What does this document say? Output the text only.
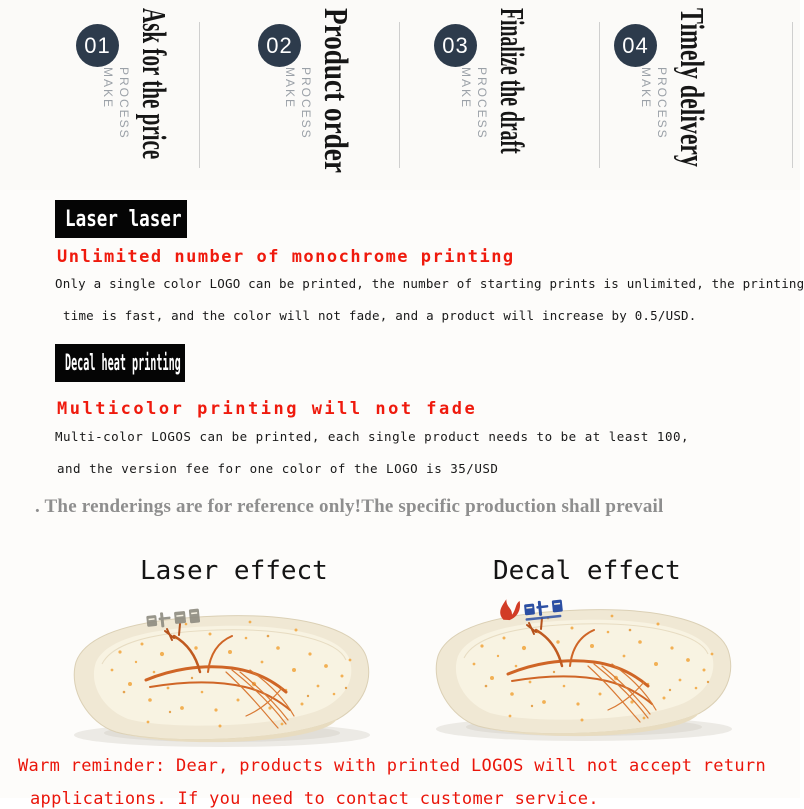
01
MAKE PROCESS Ask for the price	02
MAKE PROCESS Product order	03
MAKE PROCESS Finalize the draft	04
MAKE PROCESS Timely delivery
Laser laser
Unlimited number of monochrome printing
Only a single color LOGO can be printed, the number of starting prints is unlimited, the printing
time is fast, and the color will not fade, and a product will increase by 0.5/USD.
Decal heat printing
Multicolor printing will not fade
Multi-color LOGOS can be printed, each single product needs to be at least 100,
and the version fee for one color of the LOGO is 35/USD
. The renderings are for reference only!The specific production shall prevail
Laser effect	Decal effect
Warm reminder: Dear, products with printed LOGOS will not accept return
applications. If you need to contact customer service.
